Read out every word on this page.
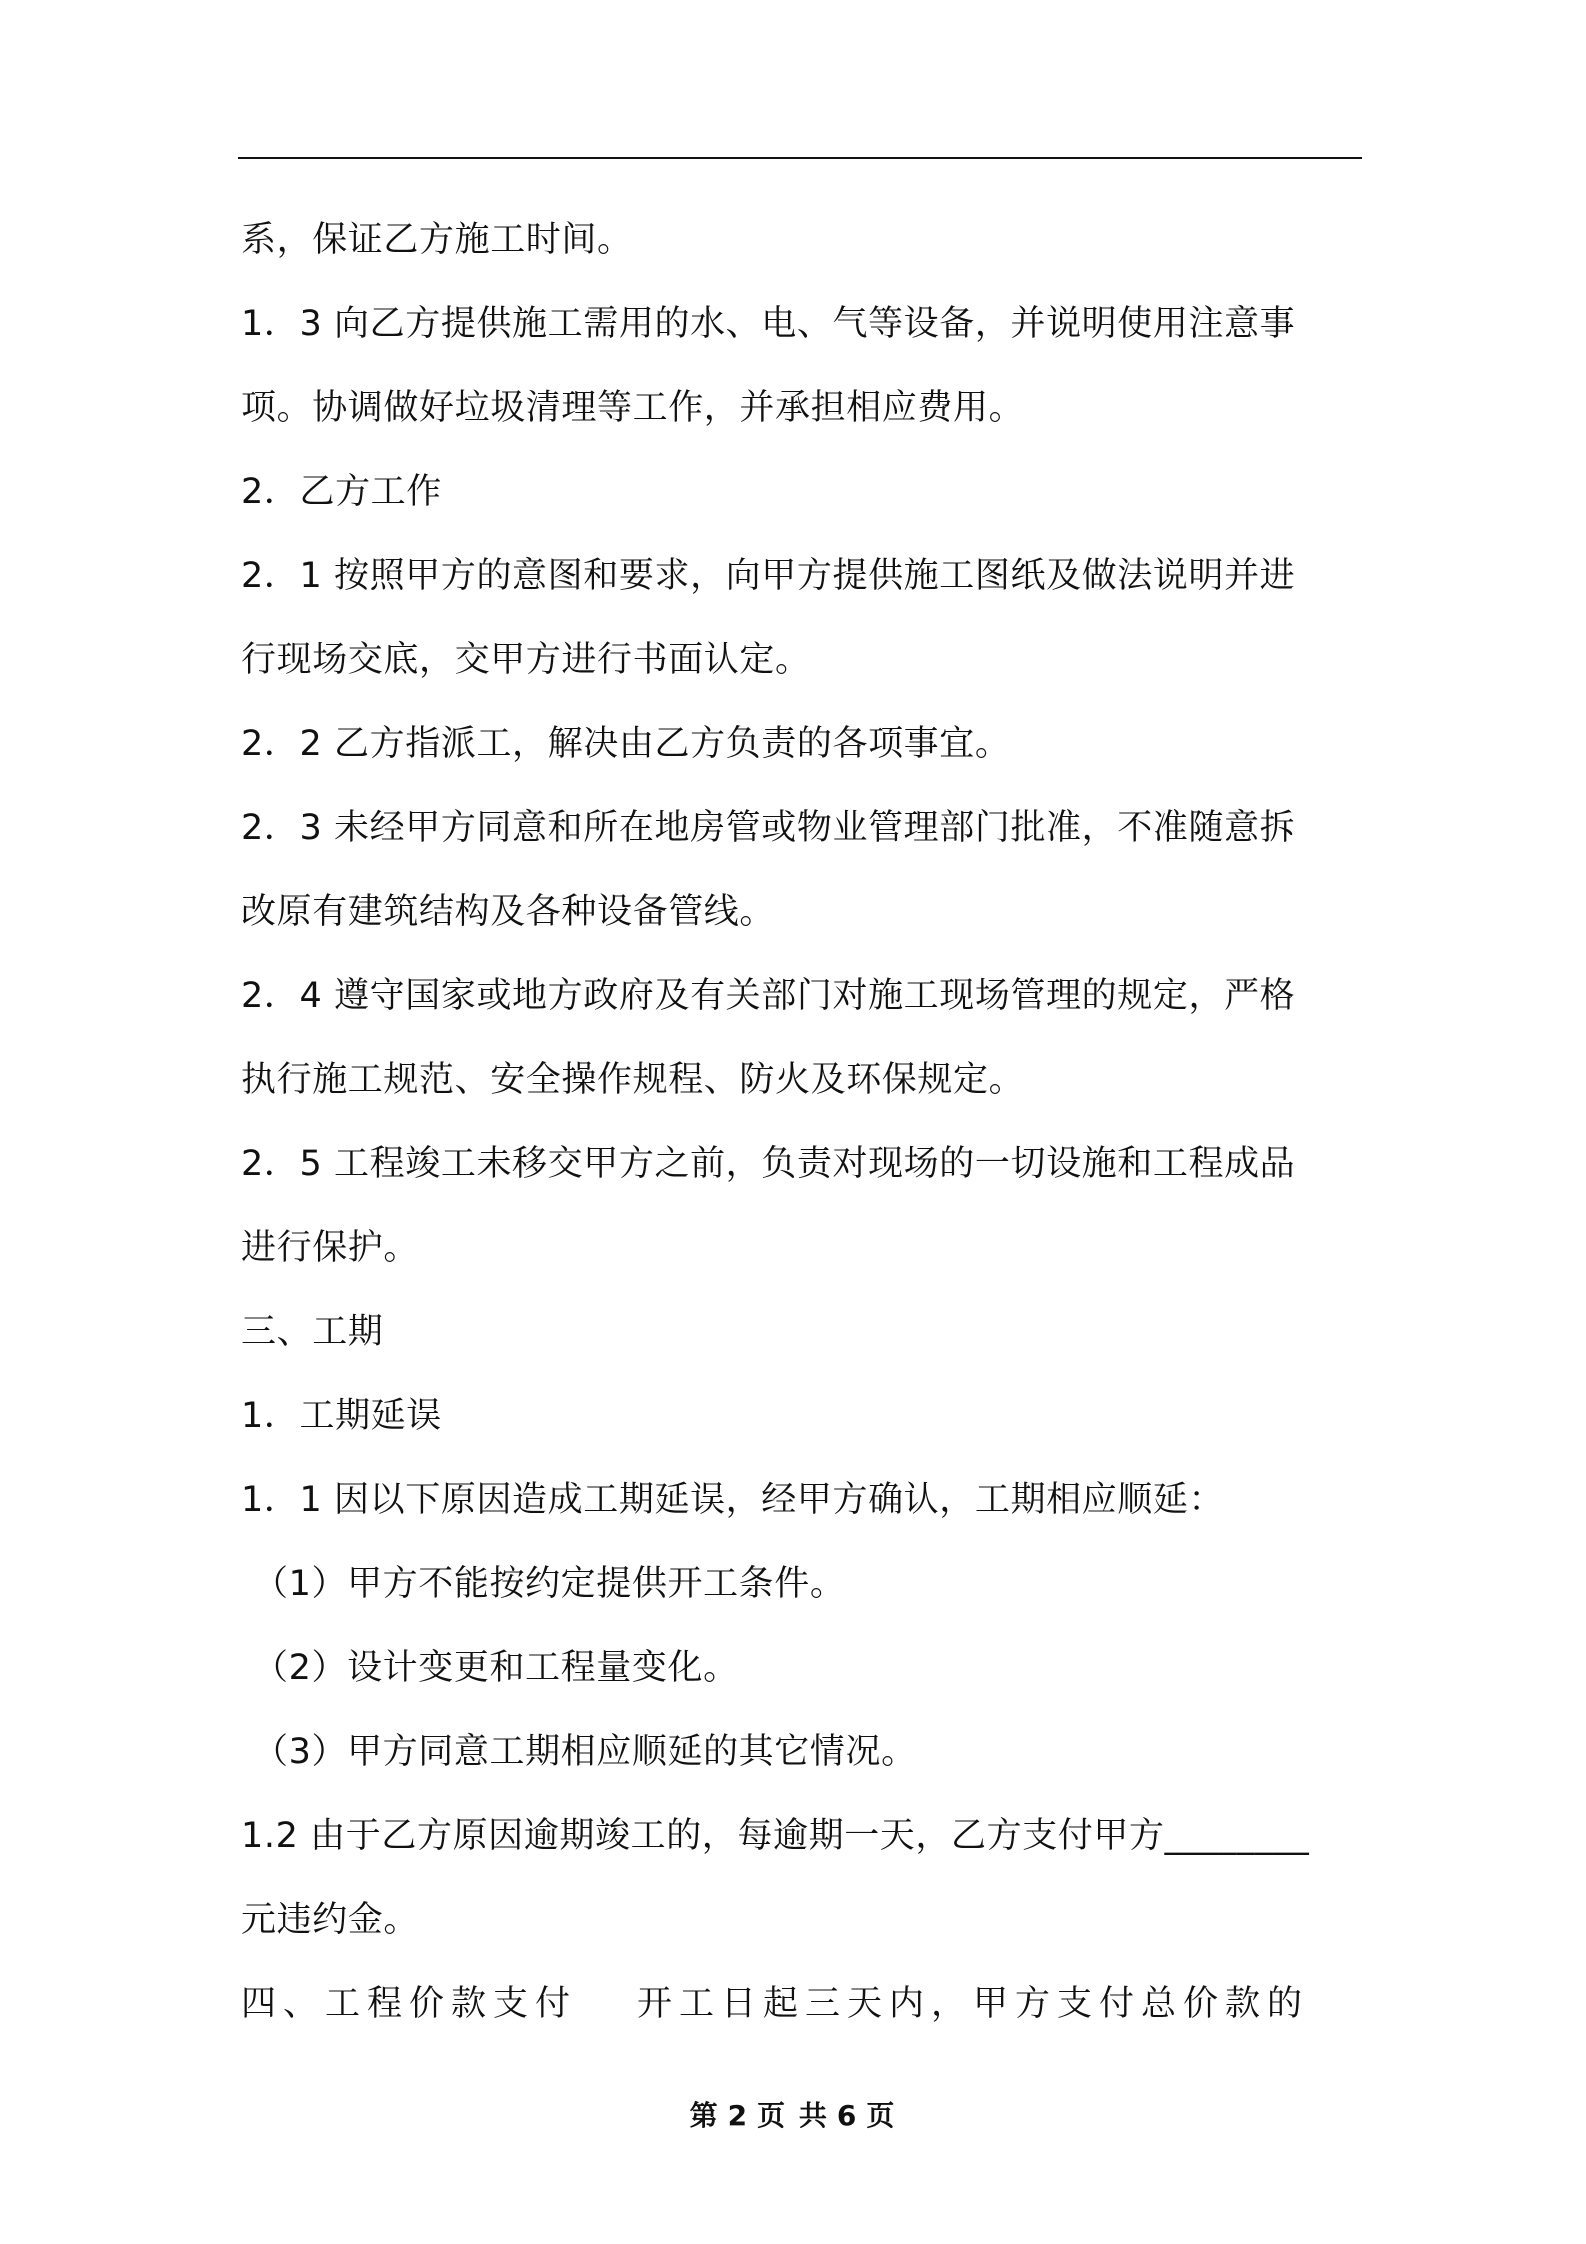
系，保证乙方施工时间。
1．3 向乙方提供施工需用的水、电、气等设备，并说明使用注意事
项。协调做好垃圾清理等工作，并承担相应费用。
2．乙方工作
2．1 按照甲方的意图和要求，向甲方提供施工图纸及做法说明并进
行现场交底，交甲方进行书面认定。
2．2 乙方指派工，解决由乙方负责的各项事宜。
2．3 未经甲方同意和所在地房管或物业管理部门批准，不准随意拆
改原有建筑结构及各种设备管线。
2．4 遵守国家或地方政府及有关部门对施工现场管理的规定，严格
执行施工规范、安全操作规程、防火及环保规定。
2．5 工程竣工未移交甲方之前，负责对现场的一切设施和工程成品
进行保护。
三、工期
1．工期延误
1．1 因以下原因造成工期延误，经甲方确认，工期相应顺延：
（1）甲方不能按约定提供开工条件。
（2）设计变更和工程量变化。
（3）甲方同意工期相应顺延的其它情况。
1.2 由于乙方原因逾期竣工的，每逾期一天，乙方支付甲方________
元违约金。
四、工程价款支付 开工日起三天内，甲方支付总价款的
第 2 页 共 6 页
